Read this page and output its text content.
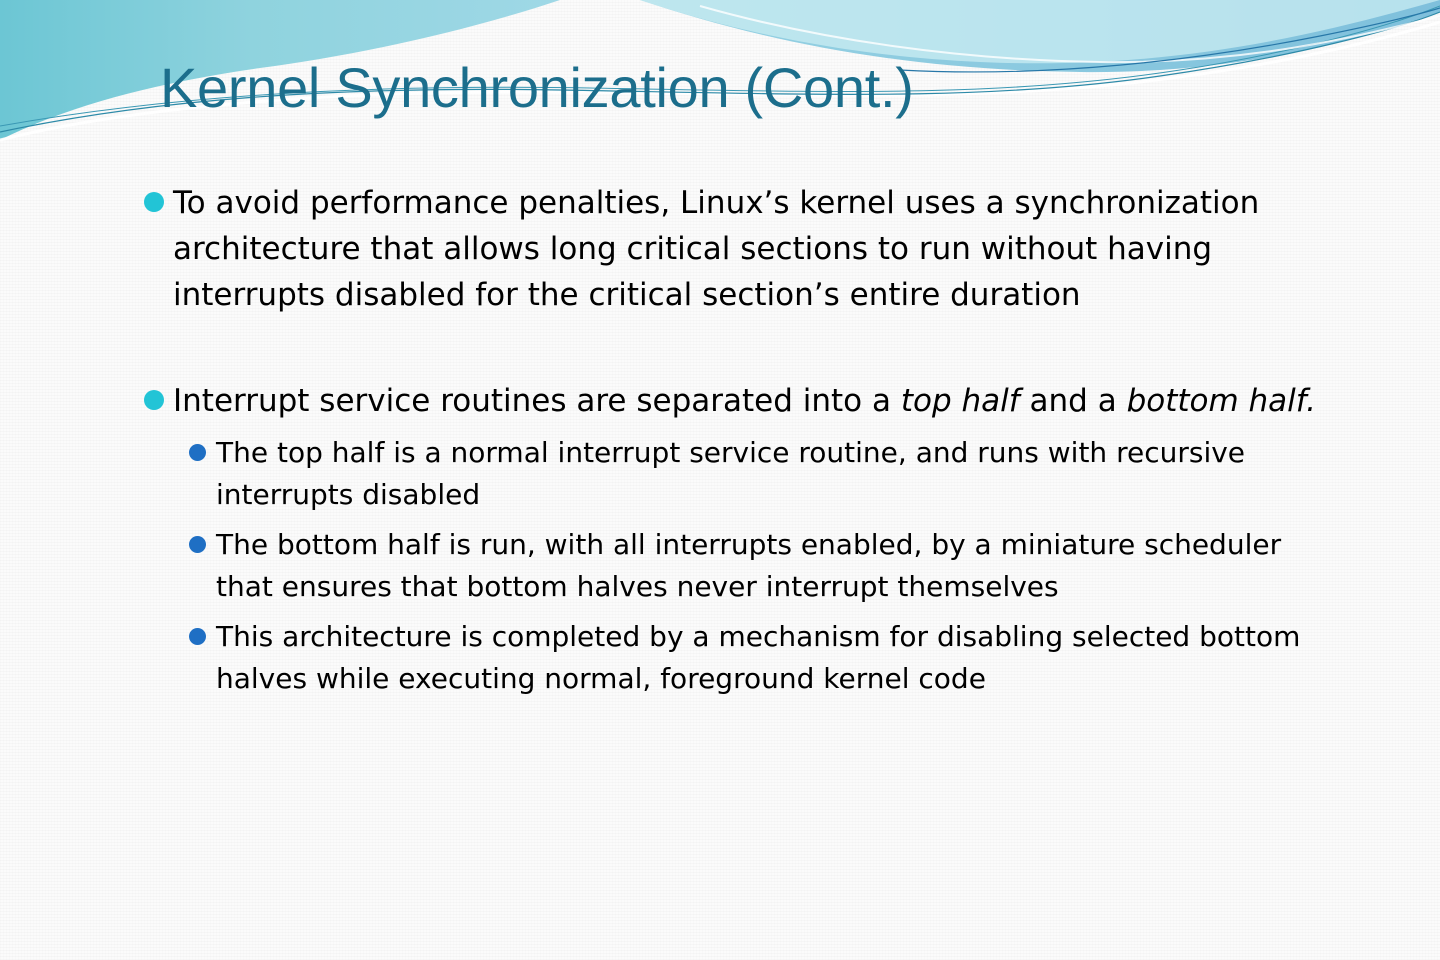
Kernel Synchronization (Cont.)
To avoid performance penalties, Linux’s kernel uses a synchronization architecture that allows long critical sections to run without having interrupts disabled for the critical section’s entire duration
Interrupt service routines are separated into a top half and a bottom half.
The top half is a normal interrupt service routine, and runs with recursive interrupts disabled
The bottom half is run, with all interrupts enabled, by a miniature scheduler that ensures that bottom halves never interrupt themselves
This architecture is completed by a mechanism for disabling selected bottom halves while executing normal, foreground kernel code
